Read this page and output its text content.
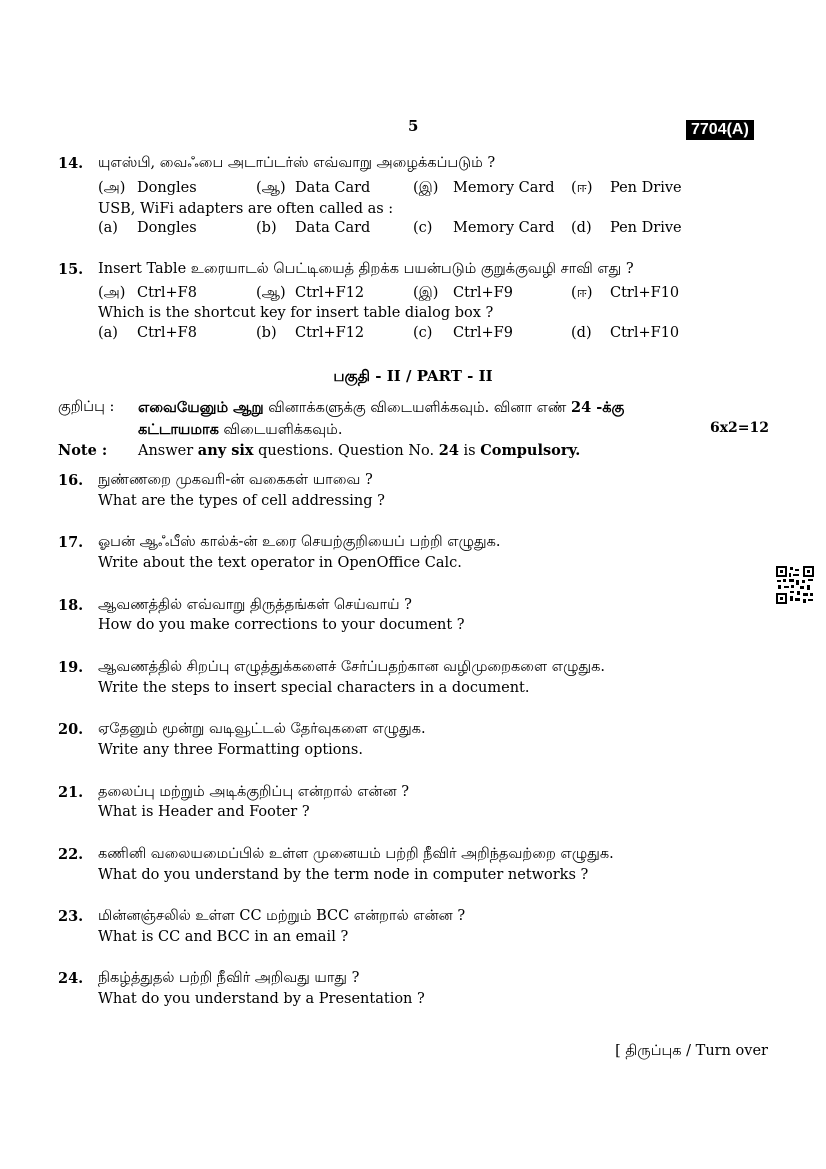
5	7704(A)
14.	யுஎஸ்பி, வைஃபை அடாப்டர்ஸ் எவ்வாறு அழைக்கப்படும் ?
(அ) Dongles	(ஆ) Data Card	(இ) Memory Card (ஈ) Pen Drive
USB, WiFi adapters are often called as :
(a) Dongles	(b) Data Card	(c) Memory Card (d) Pen Drive
15.	Insert Table உரையாடல் பெட்டியைத் திறக்க பயன்படும் குறுக்குவழி சாவி எது ?
(அ) Ctrl+F8	(ஆ) Ctrl+F12	(இ) Ctrl+F9	(ஈ) Ctrl+F10
Which is the shortcut key for insert table dialog box ?
(a) Ctrl+F8	(b) Ctrl+F12	(c) Ctrl+F9	(d) Ctrl+F10
பகுதி - II / PART - II
குறிப்பு : எவையேனும் ஆறு வினாக்களுக்கு விடையளிக்கவும். வினா எண் 24 -க்கு
கட்டாயமாக விடையளிக்கவும்.	6x2=12
Note : Answer any six questions. Question No. 24 is Compulsory.
16.	நுண்ணறை முகவரி-ன் வகைகள் யாவை ?
What are the types of cell addressing ?
17.	ஓபன் ஆஃபீஸ் கால்க்-ன் உரை செயற்குறியைப் பற்றி எழுதுக.
Write about the text operator in OpenOffice Calc.
18.	ஆவணத்தில் எவ்வாறு திருத்தங்கள் செய்வாய் ?
How do you make corrections to your document ?
19.	ஆவணத்தில் சிறப்பு எழுத்துக்களைச் சேர்ப்பதற்கான வழிமுறைகளை எழுதுக.
Write the steps to insert special characters in a document.
20.	ஏதேனும் மூன்று வடிவூட்டல் தேர்வுகளை எழுதுக.
Write any three Formatting options.
21.	தலைப்பு மற்றும் அடிக்குறிப்பு என்றால் என்ன ?
What is Header and Footer ?
22.	கணினி வலையமைப்பில் உள்ள முனையம் பற்றி நீவிர் அறிந்தவற்றை எழுதுக.
What do you understand by the term node in computer networks ?
23.	மின்னஞ்சலில் உள்ள CC மற்றும் BCC என்றால் என்ன ?
What is CC and BCC in an email ?
24.	நிகழ்த்துதல் பற்றி நீவிர் அறிவது யாது ?
What do you understand by a Presentation ?
[ திருப்புக / Turn over
